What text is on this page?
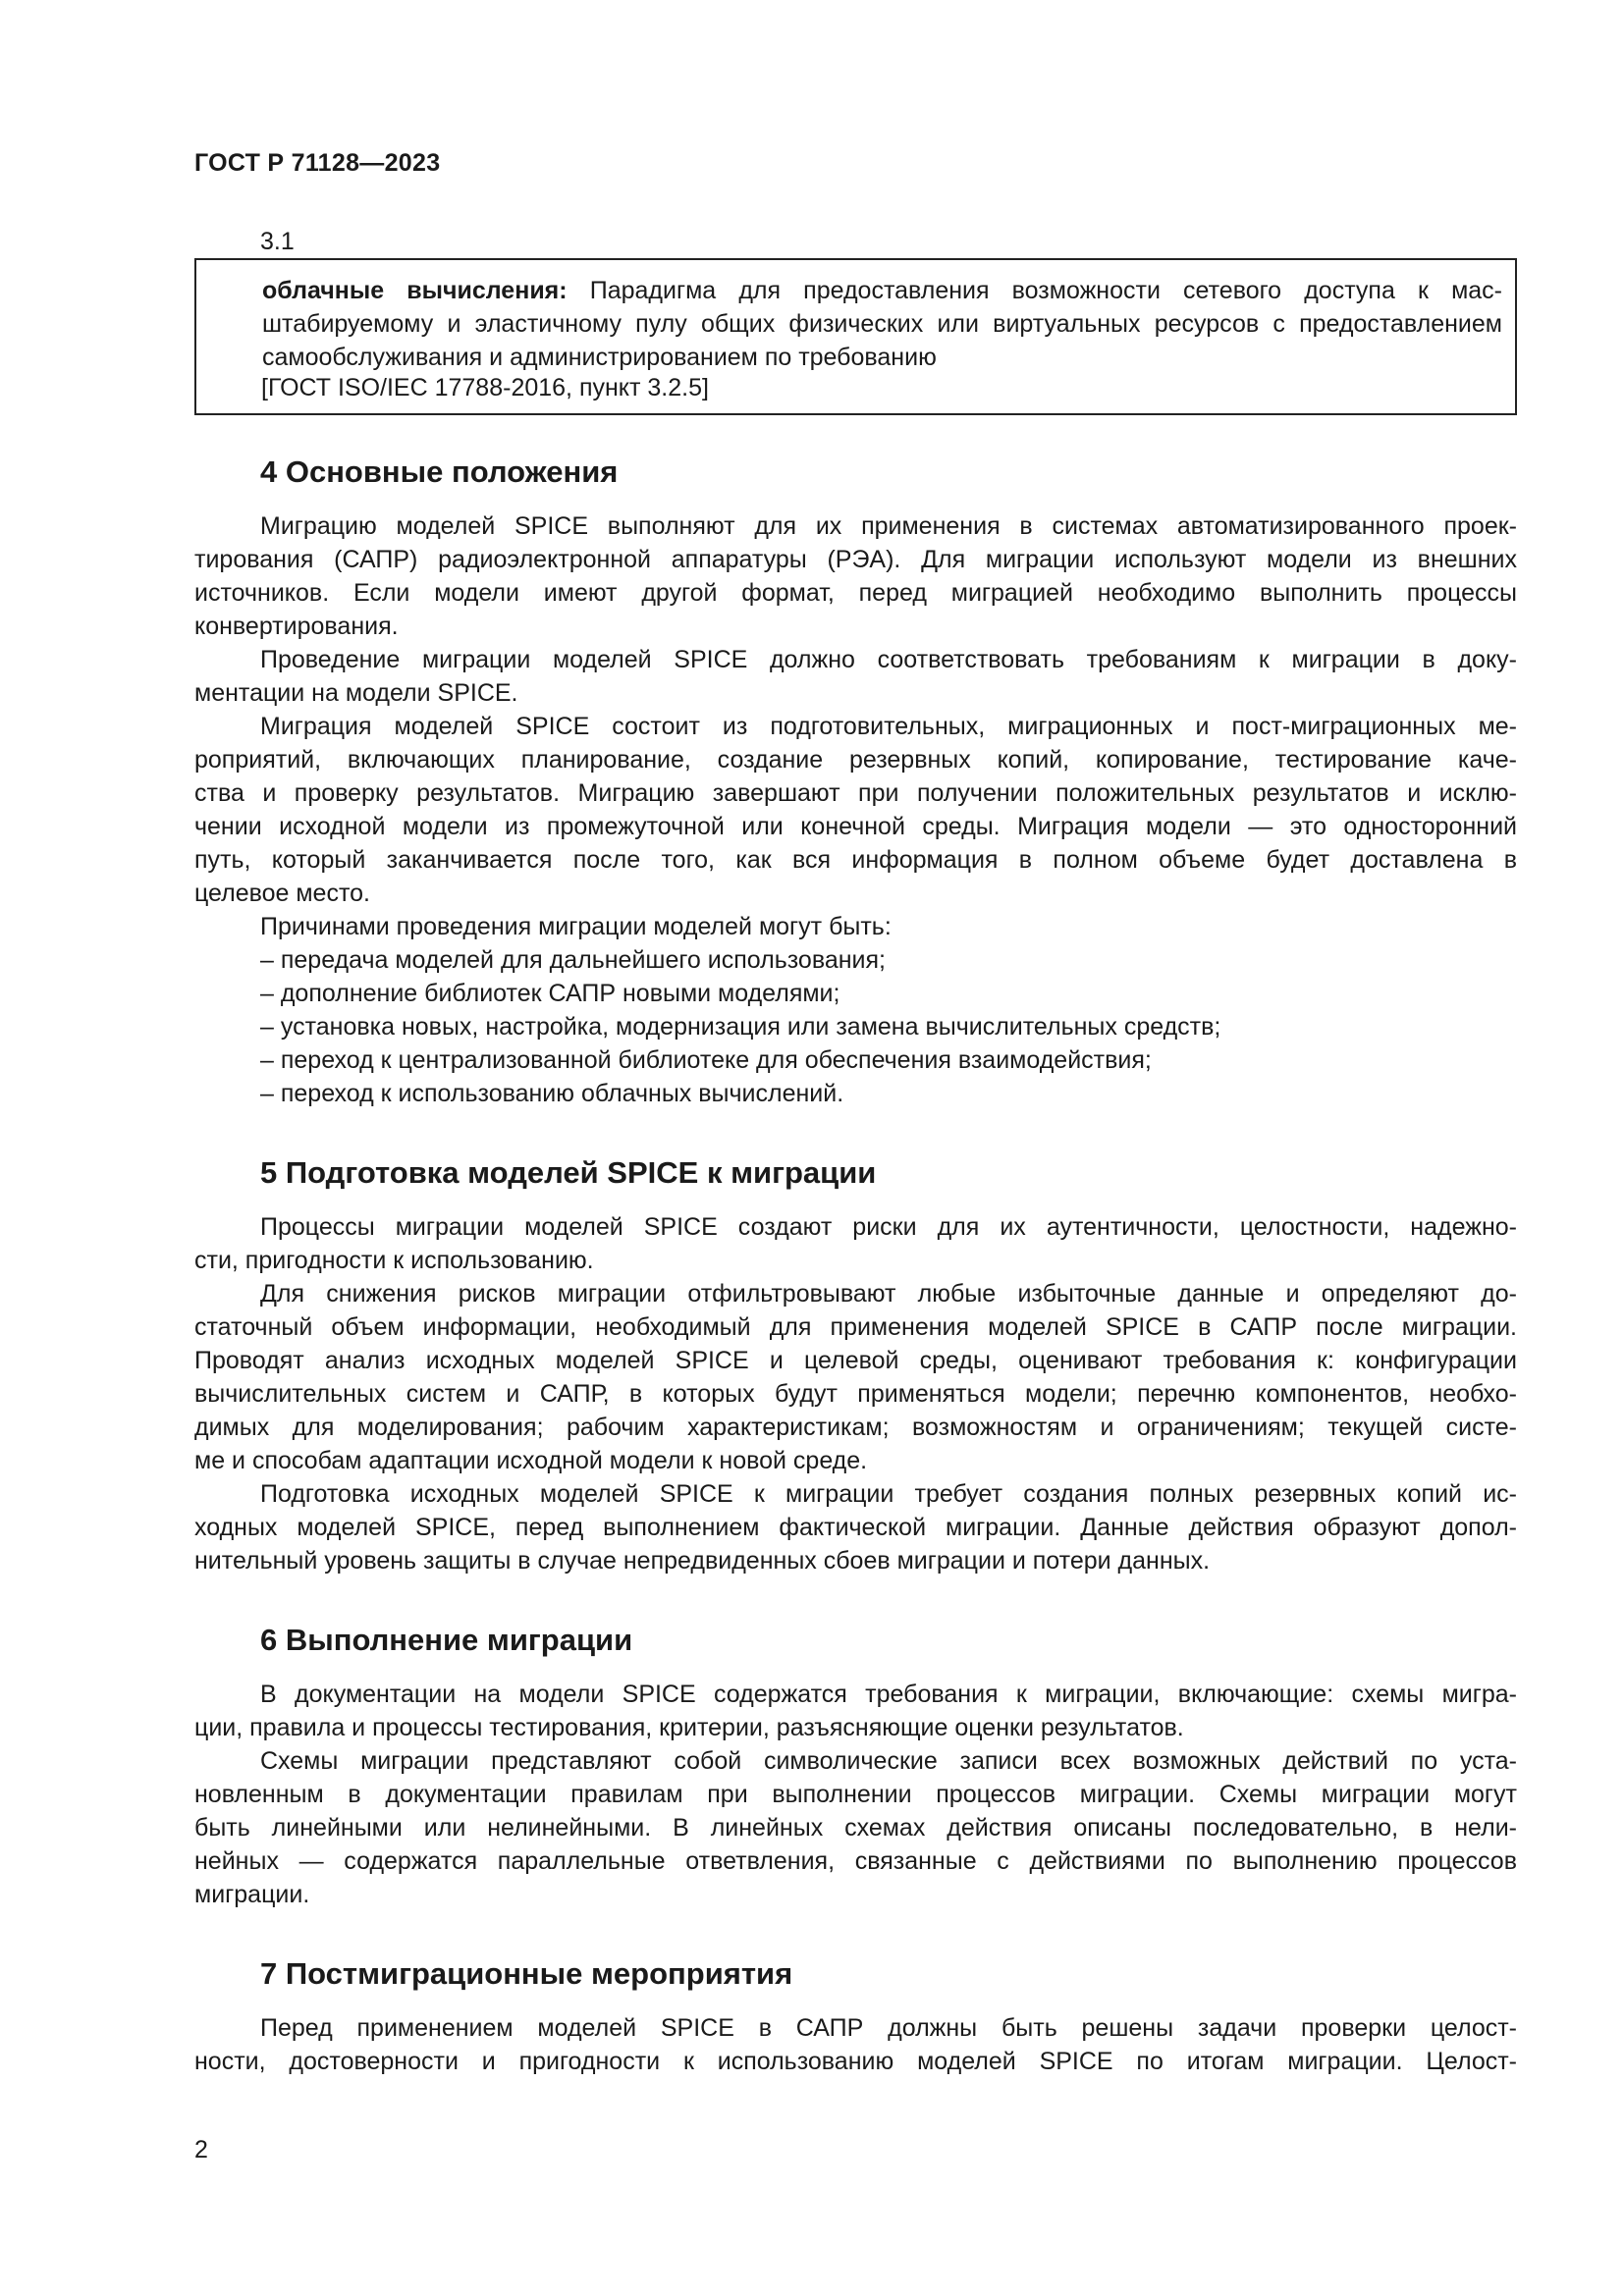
ГОСТ Р 71128—2023
3.1
облачные вычисления: Парадигма для предоставления возможности сетевого доступа к мас-
штабируемому и эластичному пулу общих физических или виртуальных ресурсов с предоставлением
самообслуживания и администрированием по требованию
[ГОСТ ISO/IEC 17788-2016, пункт 3.2.5]
4 Основные положения
Миграцию моделей SPICE выполняют для их применения в системах автоматизированного проек-
тирования (САПР) радиоэлектронной аппаратуры (РЭА). Для миграции используют модели из внешних
источников. Если модели имеют другой формат, перед миграцией необходимо выполнить процессы
конвертирования.
Проведение миграции моделей SPICE должно соответствовать требованиям к миграции в доку-
ментации на модели SPICE.
Миграция моделей SPICE состоит из подготовительных, миграционных и пост-миграционных ме-
роприятий, включающих планирование, создание резервных копий, копирование, тестирование каче-
ства и проверку результатов. Миграцию завершают при получении положительных результатов и исклю-
чении исходной модели из промежуточной или конечной среды. Миграция модели — это односторонний
путь, который заканчивается после того, как вся информация в полном объеме будет доставлена в
целевое место.
Причинами проведения миграции моделей могут быть:
– передача моделей для дальнейшего использования;
– дополнение библиотек САПР новыми моделями;
– установка новых, настройка, модернизация или замена вычислительных средств;
– переход к централизованной библиотеке для обеспечения взаимодействия;
– переход к использованию облачных вычислений.
5 Подготовка моделей SPICE к миграции
Процессы миграции моделей SPICE создают риски для их аутентичности, целостности, надежно-
сти, пригодности к использованию.
Для снижения рисков миграции отфильтровывают любые избыточные данные и определяют до-
статочный объем информации, необходимый для применения моделей SPICE в САПР после миграции.
Проводят анализ исходных моделей SPICE и целевой среды, оценивают требования к: конфигурации
вычислительных систем и САПР, в которых будут применяться модели; перечню компонентов, необхо-
димых для моделирования; рабочим характеристикам; возможностям и ограничениям; текущей систе-
ме и способам адаптации исходной модели к новой среде.
Подготовка исходных моделей SPICE к миграции требует создания полных резервных копий ис-
ходных моделей SPICE, перед выполнением фактической миграции. Данные действия образуют допол-
нительный уровень защиты в случае непредвиденных сбоев миграции и потери данных.
6 Выполнение миграции
В документации на модели SPICE содержатся требования к миграции, включающие: схемы мигра-
ции, правила и процессы тестирования, критерии, разъясняющие оценки результатов.
Схемы миграции представляют собой символические записи всех возможных действий по уста-
новленным в документации правилам при выполнении процессов миграции. Схемы миграции могут
быть линейными или нелинейными. В линейных схемах действия описаны последовательно, в нели-
нейных — содержатся параллельные ответвления, связанные с действиями по выполнению процессов
миграции.
7 Постмиграционные мероприятия
Перед применением моделей SPICE в САПР должны быть решены задачи проверки целост-
ности, достоверности и пригодности к использованию моделей SPICE по итогам миграции. Целост-
2
